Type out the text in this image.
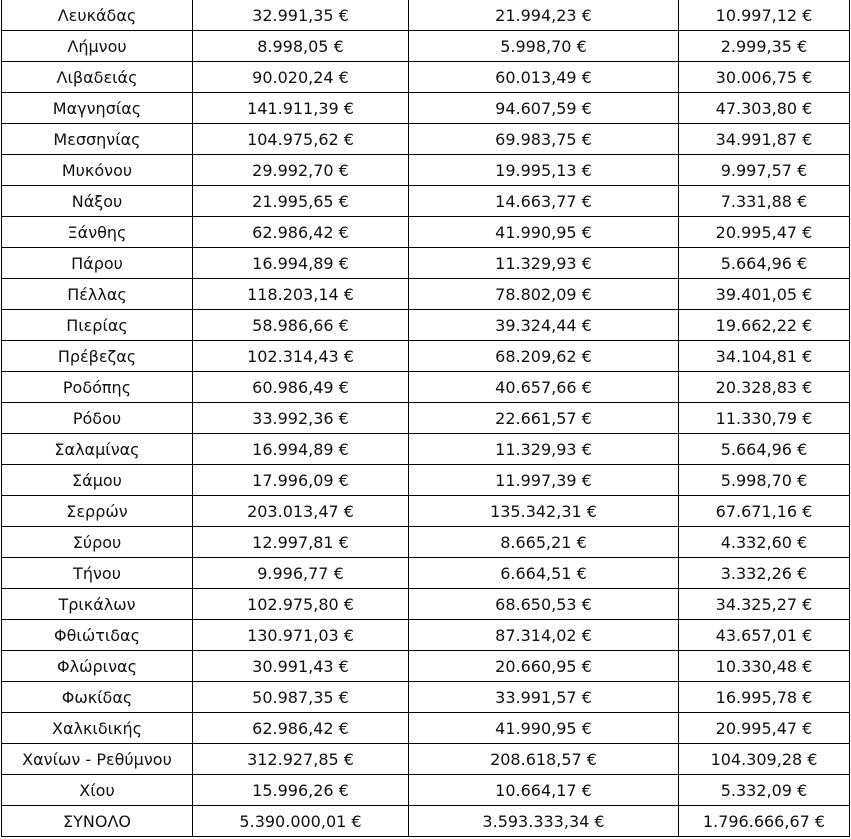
Λευκάδας	32.991,35 €	21.994,23 €	10.997,12 €
Λήμνου	8.998,05 €	5.998,70 €	2.999,35 €
Λιβαδειάς	90.020,24 €	60.013,49 €	30.006,75 €
Μαγνησίας	141.911,39 €	94.607,59 €	47.303,80 €
Μεσσηνίας	104.975,62 €	69.983,75 €	34.991,87 €
Μυκόνου	29.992,70 €	19.995,13 €	9.997,57 €
Νάξου	21.995,65 €	14.663,77 €	7.331,88 €
Ξάνθης	62.986,42 €	41.990,95 €	20.995,47 €
Πάρου	16.994,89 €	11.329,93 €	5.664,96 €
Πέλλας	118.203,14 €	78.802,09 €	39.401,05 €
Πιερίας	58.986,66 €	39.324,44 €	19.662,22 €
Πρέβεζας	102.314,43 €	68.209,62 €	34.104,81 €
Ροδόπης	60.986,49 €	40.657,66 €	20.328,83 €
Ρόδου	33.992,36 €	22.661,57 €	11.330,79 €
Σαλαμίνας	16.994,89 €	11.329,93 €	5.664,96 €
Σάμου	17.996,09 €	11.997,39 €	5.998,70 €
Σερρών	203.013,47 €	135.342,31 €	67.671,16 €
Σύρου	12.997,81 €	8.665,21 €	4.332,60 €
Τήνου	9.996,77 €	6.664,51 €	3.332,26 €
Τρικάλων	102.975,80 €	68.650,53 €	34.325,27 €
Φθιώτιδας	130.971,03 €	87.314,02 €	43.657,01 €
Φλώρινας	30.991,43 €	20.660,95 €	10.330,48 €
Φωκίδας	50.987,35 €	33.991,57 €	16.995,78 €
Χαλκιδικής	62.986,42 €	41.990,95 €	20.995,47 €
Χανίων - Ρεθύμνου	312.927,85 €	208.618,57 €	104.309,28 €
Χίου	15.996,26 €	10.664,17 €	5.332,09 €
ΣΥΝΟΛΟ	5.390.000,01 €	3.593.333,34 €	1.796.666,67 €
